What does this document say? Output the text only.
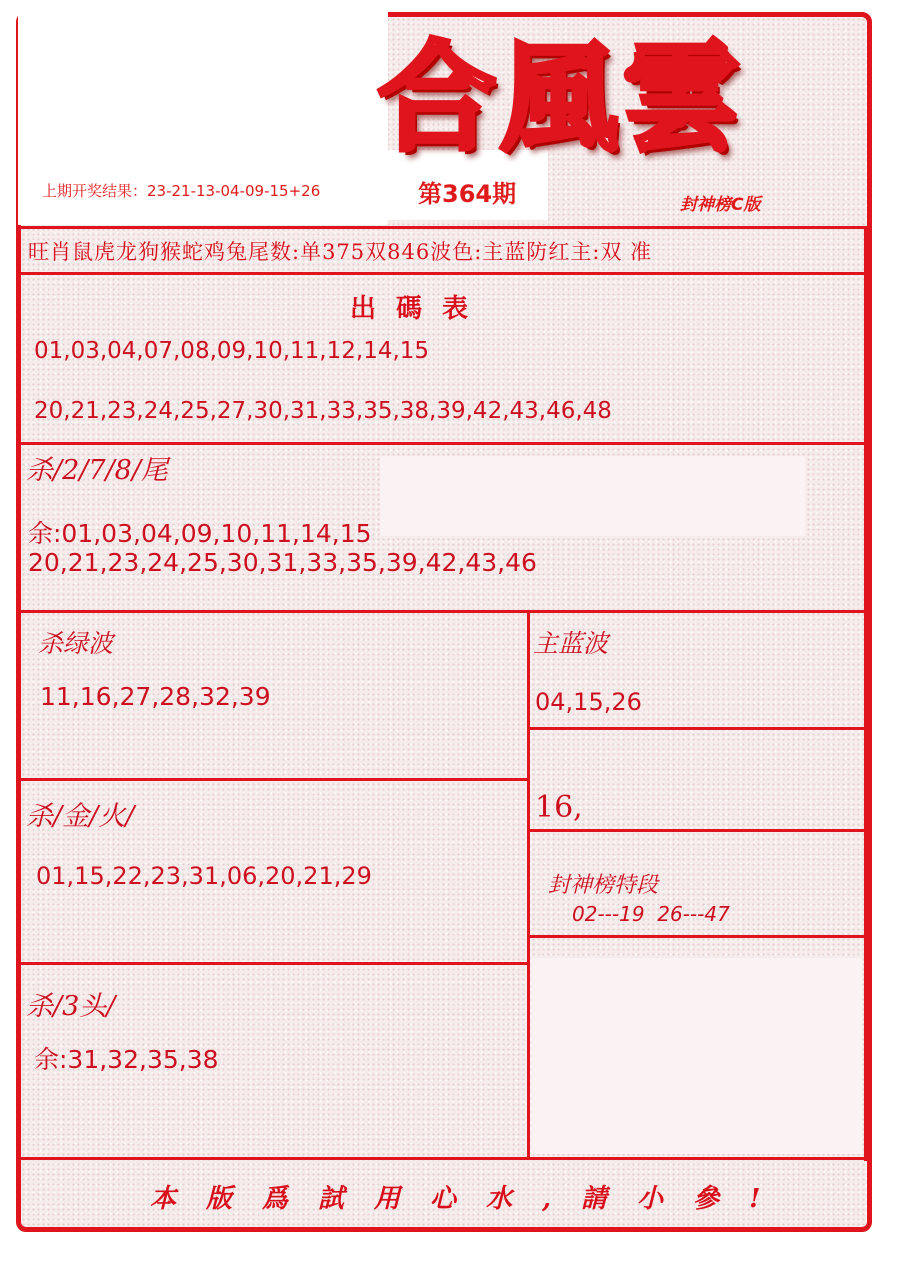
合風雲
上期开奖结果：23-21-13-04-09-15+26	第364期	封神榜C版
旺肖鼠虎龙狗猴蛇鸡兔尾数:单375双846波色:主蓝防红主:双 准
出碼表
01,03,04,07,08,09,10,11,12,14,15
20,21,23,24,25,27,30,31,33,35,38,39,42,43,46,48
杀/2/7/8/尾
余:01,03,04,09,10,11,14,15
20,21,23,24,25,30,31,33,35,39,42,43,46
杀绿波
11,16,27,28,32,39
主蓝波
04,15,26
16,
杀/金/火/
01,15,22,23,31,06,20,21,29	封神榜特段
02---19  26---47
杀/3头/
余:31,32,35,38
本版爲試用心水,請小參!
